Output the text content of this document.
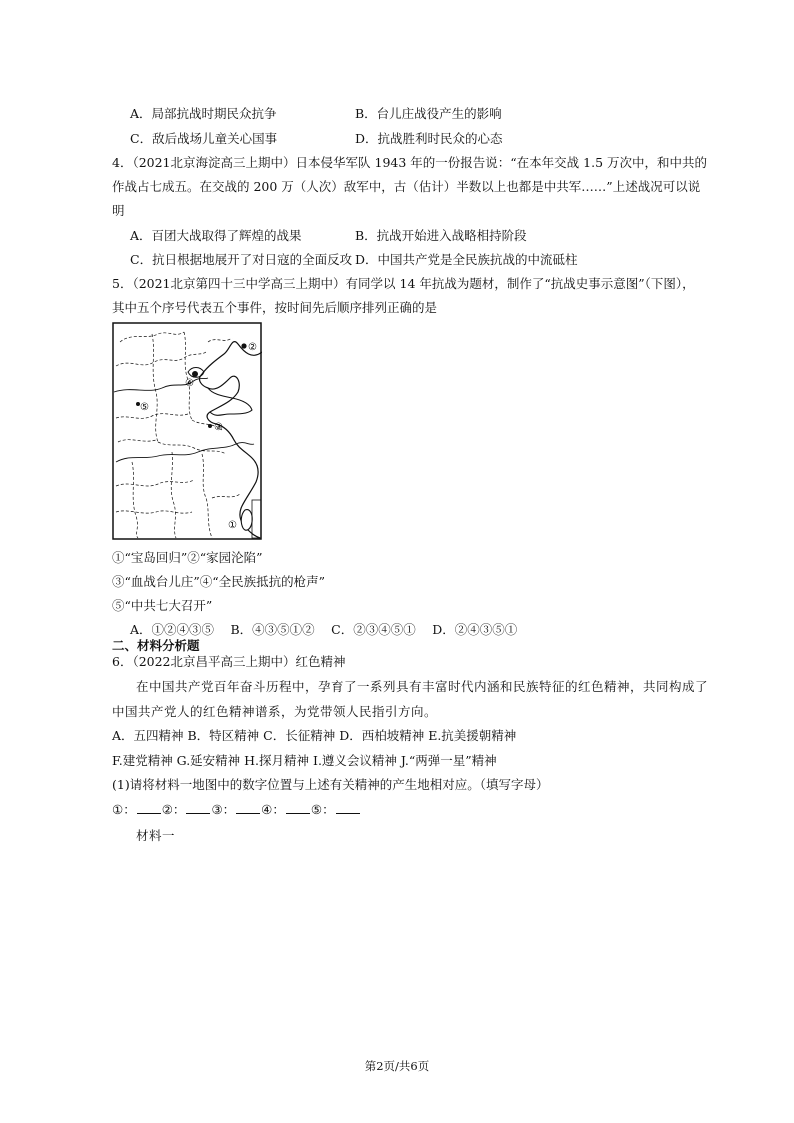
A．局部抗战时期民众抗争	B．台儿庄战役产生的影响
C．敌后战场儿童关心国事	D．抗战胜利时民众的心态
4．（2021北京海淀高三上期中）日本侵华军队 1943 年的一份报告说：“在本年交战 1.5 万次中，和中共的
作战占七成五。在交战的 200 万（人次）敌军中，古（估计）半数以上也都是中共军……”上述战况可以说
明
A．百团大战取得了辉煌的战果	B．抗战开始进入战略相持阶段
C．抗日根据地展开了对日寇的全面反攻 D．中国共产党是全民族抗战的中流砥柱
5．（2021北京第四十三中学高三上期中）有同学以 14 年抗战为题材，制作了“抗战史事示意图”（下图），
其中五个序号代表五个事件，按时间先后顺序排列正确的是
②
④
⑤
③
①
①“宝岛回归”②“家园沦陷”
③“血战台儿庄”④“全民族抵抗的枪声”
⑤“中共七大召开”
A．①②④③⑤　 B．④③⑤①②　 C．②③④⑤①　 D．②④③⑤①
二、材料分析题
6．（2022北京昌平高三上期中）红色精神
在中国共产党百年奋斗历程中，孕育了一系列具有丰富时代内涵和民族特征的红色精神，共同构成了
中国共产党人的红色精神谱系，为党带领人民指引方向。
A．五四精神 B．特区精神 C．长征精神 D．西柏坡精神 E.抗美援朝精神
F.建党精神 G.延安精神 H.探月精神 I.遵义会议精神 J.“两弹一星”精神
(1)请将材料一地图中的数字位置与上述有关精神的产生地相对应。（填写字母）
①： ②： ③： ④： ⑤：
材料一
第2页/共6页
